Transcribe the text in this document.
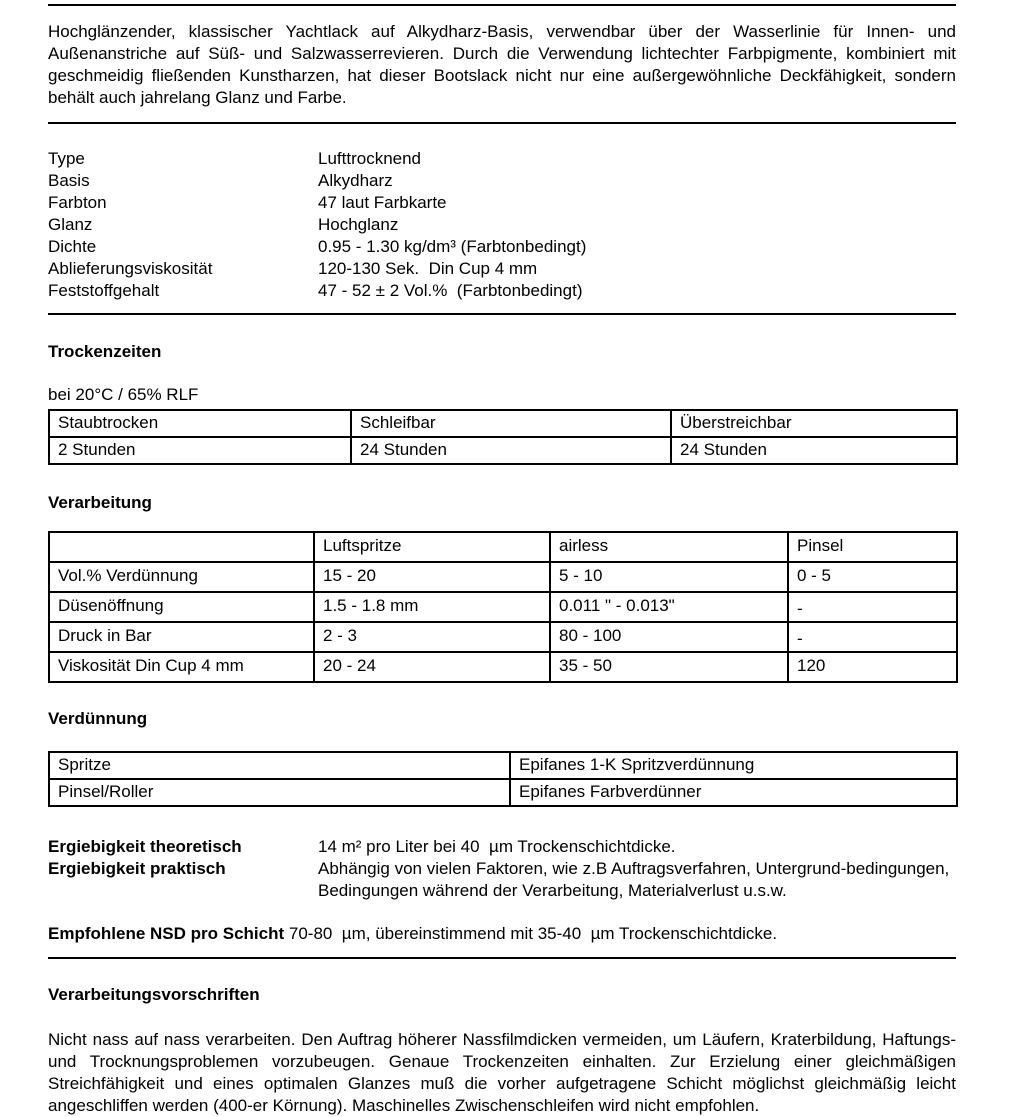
Hochglänzender, klassischer Yachtlack auf Alkydharz-Basis, verwendbar über der Wasserlinie für Innen- und Außenanstriche auf Süß- und Salzwasserrevieren. Durch die Verwendung lichtechter Farbpigmente, kombiniert mit geschmeidig fließenden Kunstharzen, hat dieser Bootslack nicht nur eine außergewöhnliche Deckfähigkeit, sondern behält auch jahrelang Glanz und Farbe.

Type	Lufttrocknend
Basis	Alkydharz
Farbton	47 laut Farbkarte
Glanz	Hochglanz
Dichte	0.95 - 1.30 kg/dm³ (Farbtonbedingt)
Ablieferungsviskosität	120-130 Sek.  Din Cup 4 mm
Feststoffgehalt	47 - 52 ± 2 Vol.%  (Farbtonbedingt)
Trockenzeiten

bei 20°C / 65% RLF

Staubtrocken	Schleifbar	Überstreichbar
2 Stunden	24 Stunden	24 Stunden
Verarbeitung
	Luftspritze	airless	Pinsel
Vol.% Verdünnung	15 - 20	5 - 10	0 - 5
Düsenöffnung	1.5 - 1.8 mm	0.011 " - 0.013"	-
Druck in Bar	2 - 3	80 - 100	-
Viskosität Din Cup 4 mm	20 - 24	35 - 50	120
Verdünnung
Spritze	Epifanes 1-K Spritzverdünnung
Pinsel/Roller	Epifanes Farbverdünner
Ergiebigkeit theoretisch	14 m² pro Liter bei 40  µm Trockenschichtdicke.
Ergiebigkeit praktisch	Abhängig von vielen Faktoren, wie z.B Auftragsverfahren, Untergrund-bedingungen, Bedingungen während der Verarbeitung, Materialverlust u.s.w.

Empfohlene NSD pro Schicht 70-80  µm, übereinstimmend mit 35-40  µm Trockenschichtdicke.

Verarbeitungsvorschriften

Nicht nass auf nass verarbeiten. Den Auftrag höherer Nassfilmdicken vermeiden, um Läufern, Kraterbildung, Haftungs- und Trocknungsproblemen vorzubeugen. Genaue Trockenzeiten einhalten. Zur Erzielung einer gleichmäßigen Streichfähigkeit und eines optimalen Glanzes muß die vorher aufgetragene Schicht möglichst gleichmäßig leicht angeschliffen werden (400-er Körnung). Maschinelles Zwischenschleifen wird nicht empfohlen.
